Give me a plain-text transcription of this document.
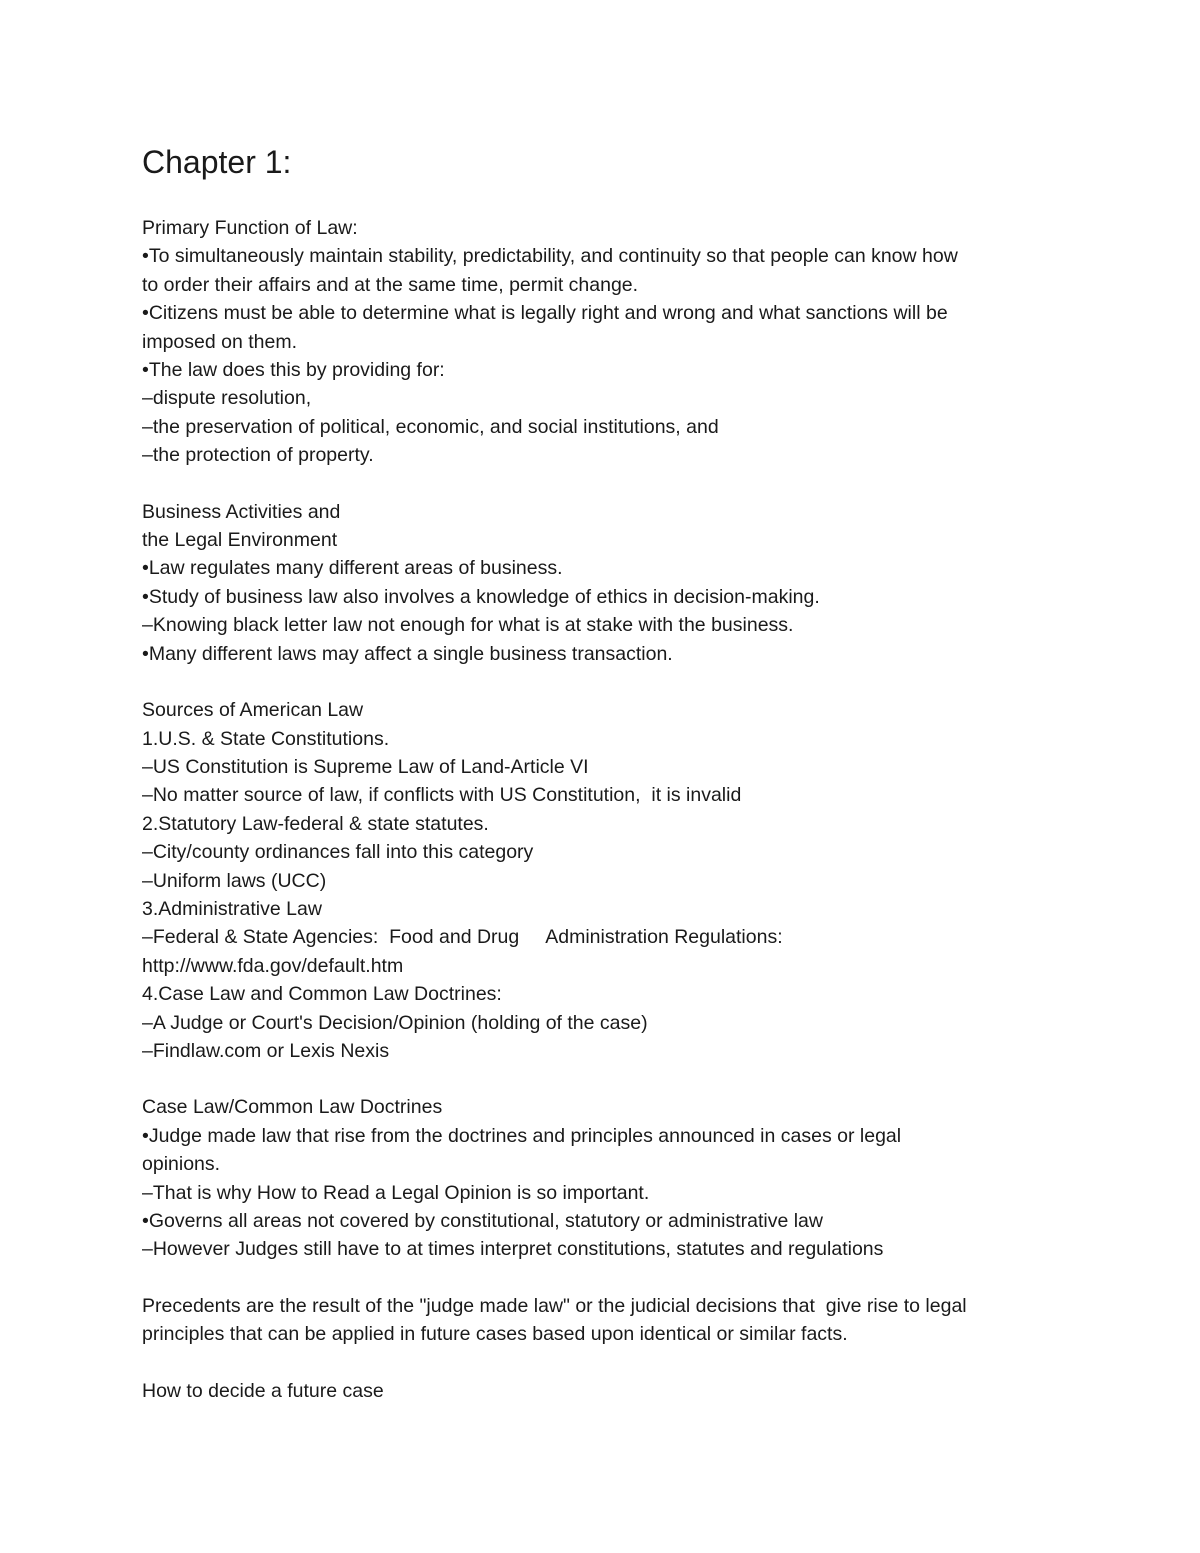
Chapter 1:
Primary Function of Law:
•To simultaneously maintain stability, predictability, and continuity so that people can know how
to order their affairs and at the same time, permit change.
•Citizens must be able to determine what is legally right and wrong and what sanctions will be
imposed on them.
•The law does this by providing for:
–dispute resolution,
–the preservation of political, economic, and social institutions, and
–the protection of property.
Business Activities and
the Legal Environment
•Law regulates many different areas of business.
•Study of business law also involves a knowledge of ethics in decision-making.
–Knowing black letter law not enough for what is at stake with the business.
•Many different laws may affect a single business transaction.
Sources of American Law
1.U.S. & State Constitutions.
–US Constitution is Supreme Law of Land-Article VI
–No matter source of law, if conflicts with US Constitution,  it is invalid
2.Statutory Law-federal & state statutes.
–City/county ordinances fall into this category
–Uniform laws (UCC)
3.Administrative Law
–Federal & State Agencies:  Food and Drug     Administration Regulations:
http://www.fda.gov/default.htm
4.Case Law and Common Law Doctrines:
–A Judge or Court's Decision/Opinion (holding of the case)
–Findlaw.com or Lexis Nexis
Case Law/Common Law Doctrines
•Judge made law that rise from the doctrines and principles announced in cases or legal
opinions.
–That is why How to Read a Legal Opinion is so important.
•Governs all areas not covered by constitutional, statutory or administrative law
–However Judges still have to at times interpret constitutions, statutes and regulations
Precedents are the result of the "judge made law" or the judicial decisions that  give rise to legal
principles that can be applied in future cases based upon identical or similar facts.
How to decide a future case
